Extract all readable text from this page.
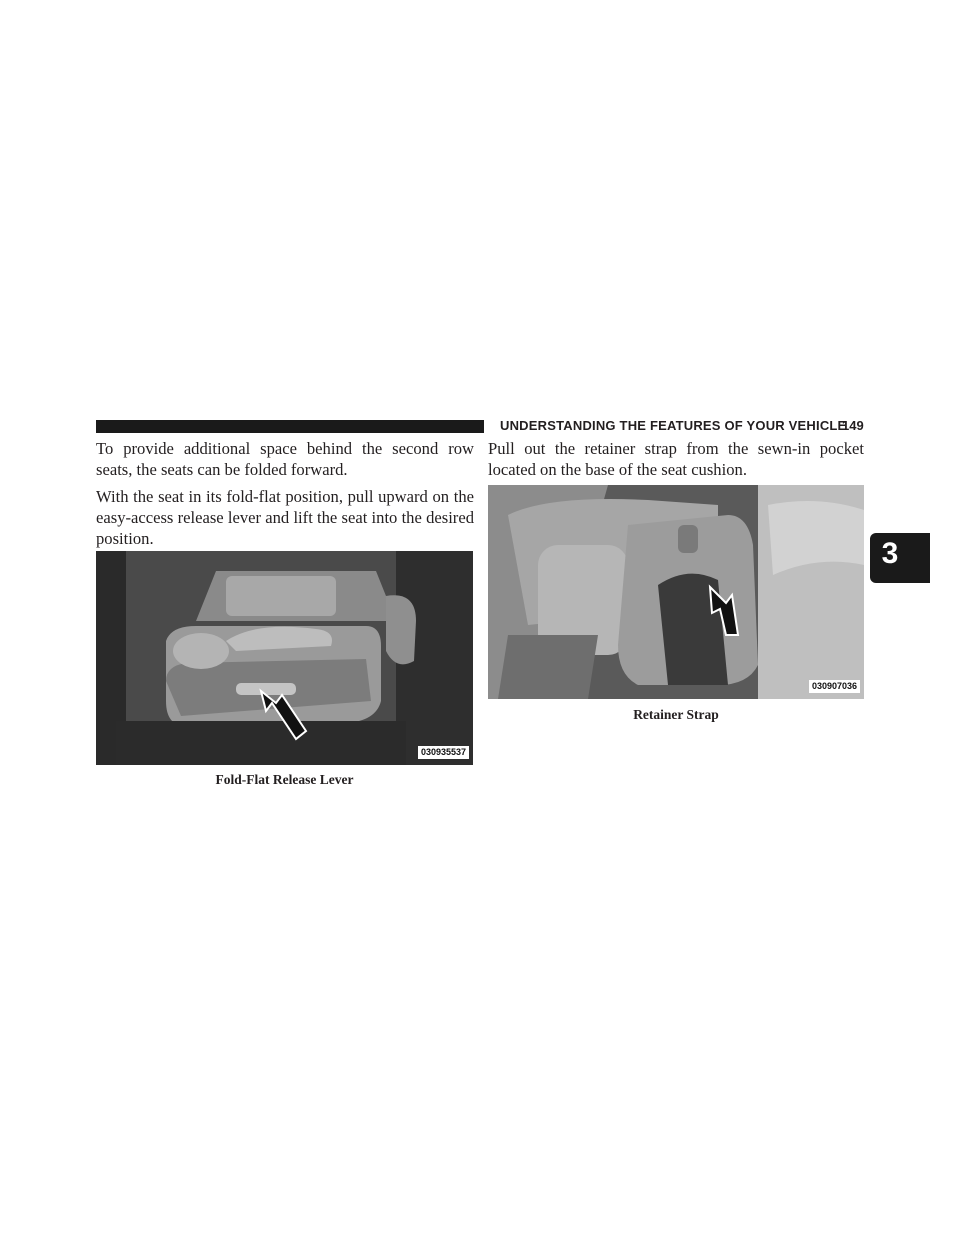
UNDERSTANDING THE FEATURES OF YOUR VEHICLE
149
3

To provide additional space behind the second row seats, the seats can be folded forward.

With the seat in its fold-flat position, pull upward on the easy-access release lever and lift the seat into the desired position.

030935537
Fold-Flat Release Lever

Pull out the retainer strap from the sewn-in pocket located on the base of the seat cushion.

030907036
Retainer Strap
